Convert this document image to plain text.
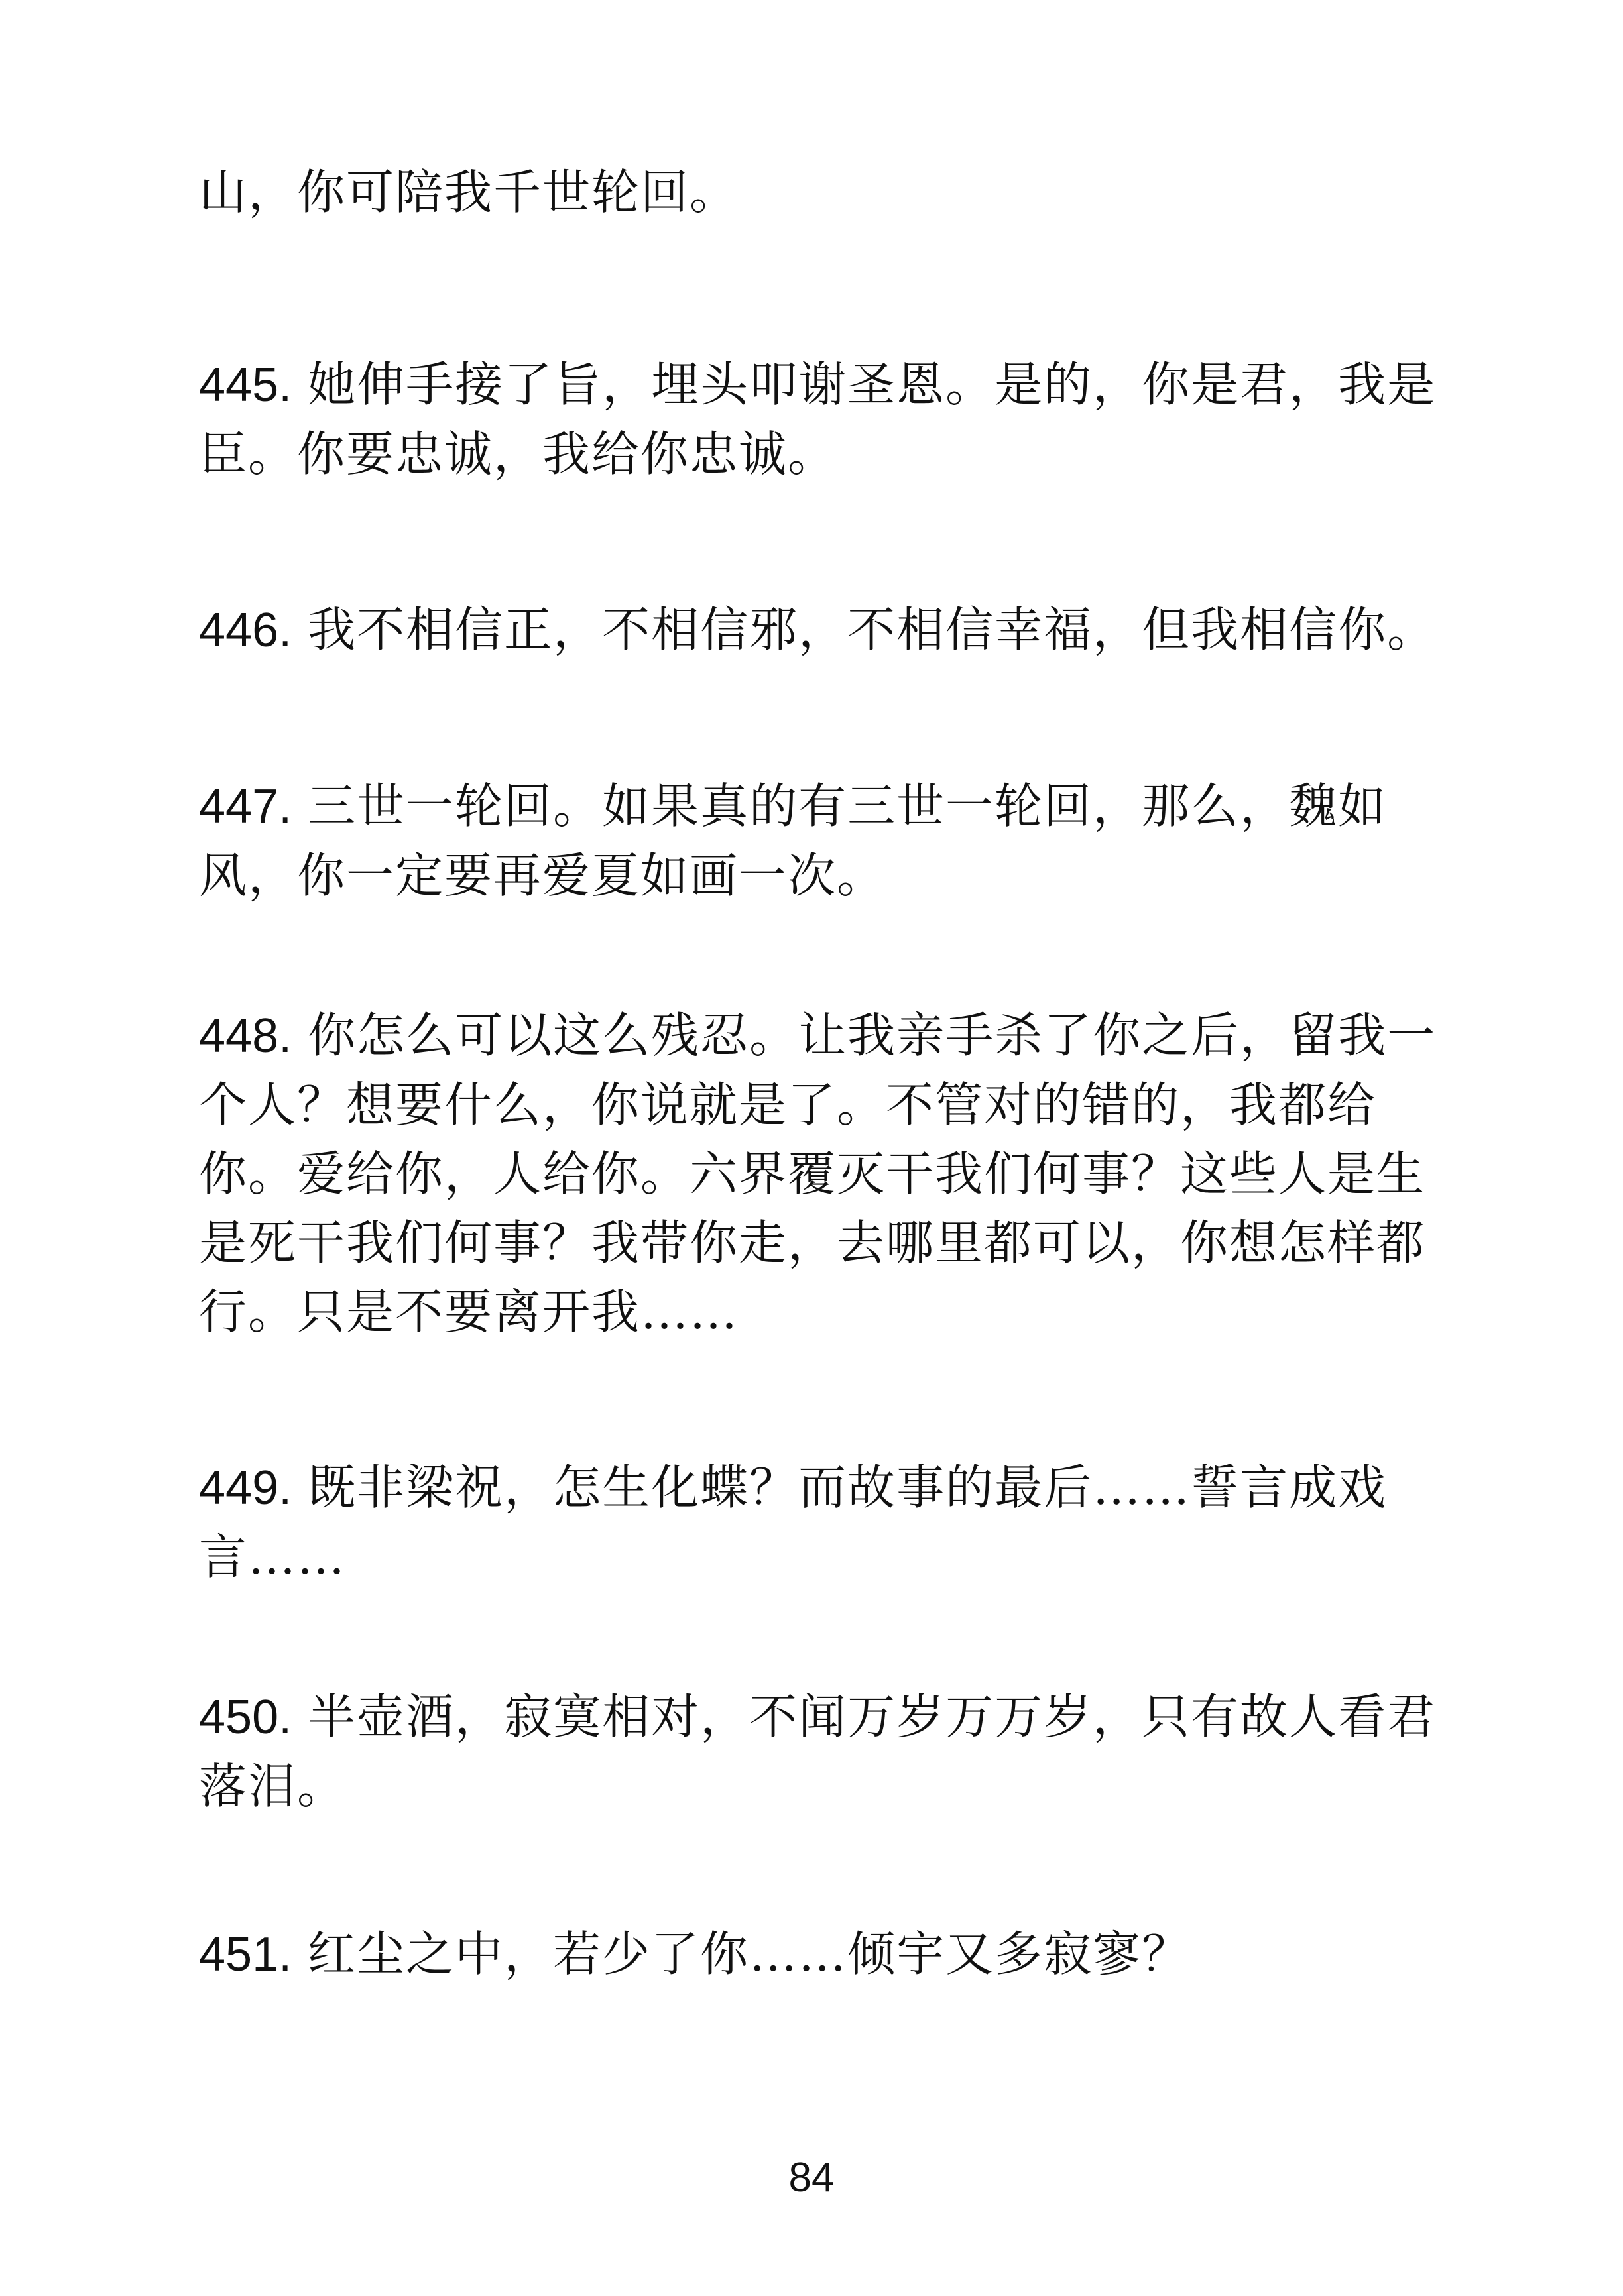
山，你可陪我千世轮回。

445. 她伸手接了旨，埋头叩谢圣恩。是的，你是君，我是臣。你要忠诚，我给你忠诚。

446. 我不相信正，不相信邪，不相信幸福，但我相信你。

447. 三世一轮回。如果真的有三世一轮回，那么，魏如风，你一定要再爱夏如画一次。

448. 你怎么可以这么残忍。让我亲手杀了你之后，留我一个人？想要什么，你说就是了。不管对的错的，我都给你。爱给你，人给你。六界覆灭干我们何事？这些人是生是死干我们何事？我带你走，去哪里都可以，你想怎样都行。只是不要离开我……

449. 既非梁祝，怎生化蝶？而故事的最后……誓言成戏言……

450. 半壶酒，寂寞相对，不闻万岁万万岁，只有故人看君落泪。

451. 红尘之中，若少了你……倾宇又多寂寥？

84
